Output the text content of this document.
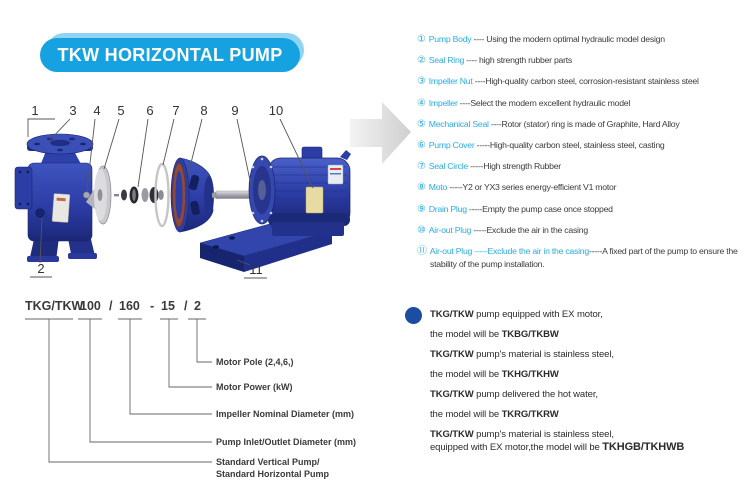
TKW HORIZONTAL PUMP
1 3 4 5 6 7 8 9 10
2	11
① Pump Body ---- Using the modern optimal hydraulic model design
② Seal Ring ---- high strength rubber parts
③ Impeller Nut ----High-quality carbon steel, corrosion-resistant stainless steel
④ Impeller ----Select the modern excellent hydraulic model
⑤ Mechanical Seal ----Rotor (stator) ring is made of Graphite, Hard Alloy
⑥ Pump Cover -----High-quality carbon steel, stainless steel, casting
⑦ Seal Circle -----High strength Rubber
⑧ Moto -----Y2 or YX3 series energy-efficient V1 motor
⑨ Drain Plug -----Empty the pump case once stopped
⑩ Air-out Plug -----Exclude the air in the casing
⑪ Air-out Plug -----Exclude the air in the casing-----A fixed part of the pump to ensure the stability of the pump installation.
TKG/TKW
100 / 160 - 15 / 2
Motor Pole (2,4,6,)
Motor Power (kW)
Impeller Nominal Diameter (mm)
Pump Inlet/Outlet Diameter (mm)
Standard Vertical Pump/
Standard Horizontal Pump
TKG/TKW pump equipped with EX motor,
the model will be TKBG/TKBW
TKG/TKW pump's material is stainless steel,
the model will be TKHG/TKHW
TKG/TKW pump delivered the hot water,
the model will be TKRG/TKRW
TKG/TKW pump's material is stainless steel,
equipped with EX motor,the model will be TKHGB/TKHWB
